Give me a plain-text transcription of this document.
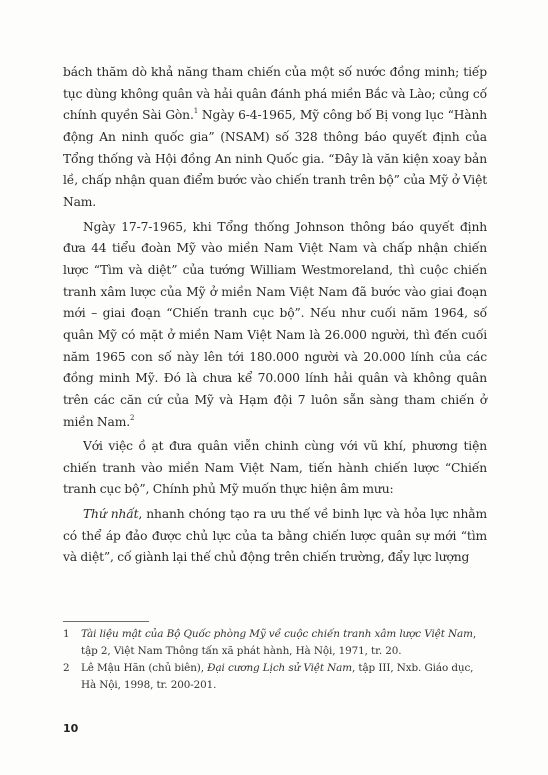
bách thăm dò khả năng tham chiến của một số nước đồng minh; tiếp tục dùng không quân và hải quân đánh phá miền Bắc và Lào; củng cố chính quyền Sài Gòn.$^1$ Ngày 6-4-1965, Mỹ công bố Bị vong lục “Hành động An ninh quốc gia” (NSAM) số 328 thông báo quyết định của Tổng thống và Hội đồng An ninh Quốc gia. “Đây là văn kiện xoay bản lề, chấp nhận quan điểm bước vào chiến tranh trên bộ” của Mỹ ở Việt Nam.

Ngày 17-7-1965, khi Tổng thống Johnson thông báo quyết định đưa 44 tiểu đoàn Mỹ vào miền Nam Việt Nam và chấp nhận chiến lược “Tìm và diệt” của tướng William Westmoreland, thì cuộc chiến tranh xâm lược của Mỹ ở miền Nam Việt Nam đã bước vào giai đoạn mới – giai đoạn “Chiến tranh cục bộ”. Nếu như cuối năm 1964, số quân Mỹ có mặt ở miền Nam Việt Nam là 26.000 người, thì đến cuối năm 1965 con số này lên tới 180.000 người và 20.000 lính của các đồng minh Mỹ. Đó là chưa kể 70.000 lính hải quân và không quân trên các căn cứ của Mỹ và Hạm đội 7 luôn sẵn sàng tham chiến ở miền Nam.$^2$

Với việc ồ ạt đưa quân viễn chinh cùng với vũ khí, phương tiện chiến tranh vào miền Nam Việt Nam, tiến hành chiến lược “Chiến tranh cục bộ”, Chính phủ Mỹ muốn thực hiện âm mưu:

Thứ nhất, nhanh chóng tạo ra ưu thế về binh lực và hỏa lực nhằm có thể áp đảo được chủ lực của ta bằng chiến lược quân sự mới “tìm và diệt”, cố giành lại thế chủ động trên chiến trường, đẩy lực lượng

1 Tài liệu mật của Bộ Quốc phòng Mỹ về cuộc chiến tranh xâm lược Việt Nam, tập 2, Việt Nam Thông tấn xã phát hành, Hà Nội, 1971, tr. 20.
2 Lê Mậu Hãn (chủ biên), Đại cương Lịch sử Việt Nam, tập III, Nxb. Giáo dục, Hà Nội, 1998, tr. 200-201.
10
